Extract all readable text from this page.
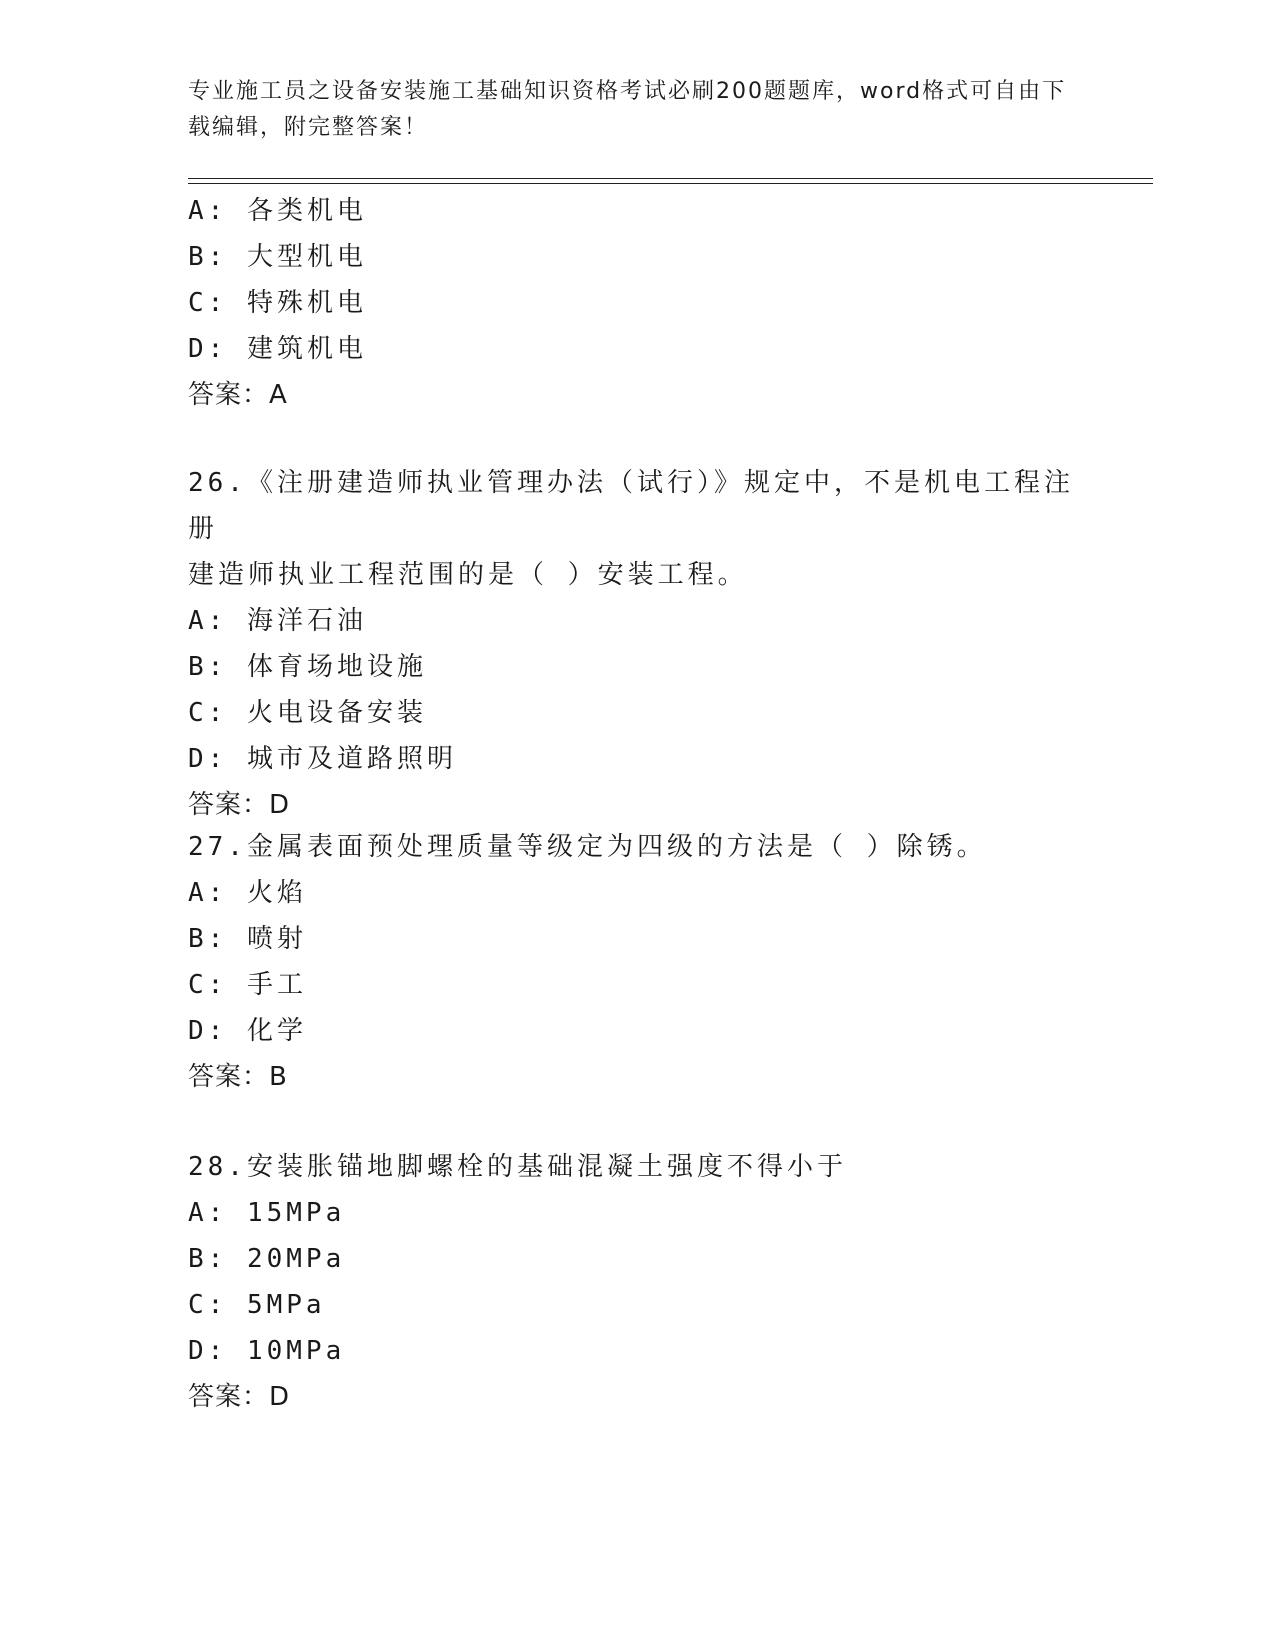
专业施工员之设备安装施工基础知识资格考试必刷200题题库，word格式可自由下载编辑，附完整答案！
A: 各类机电
B: 大型机电
C: 特殊机电
D: 建筑机电
答案：A
26.《注册建造师执业管理办法（试行）》规定中，不是机电工程注册
建造师执业工程范围的是（ ）安装工程。
A: 海洋石油
B: 体育场地设施
C: 火电设备安装
D: 城市及道路照明
答案：D
27.金属表面预处理质量等级定为四级的方法是（ ）除锈。
A: 火焰
B: 喷射
C: 手工
D: 化学
答案：B
28.安装胀锚地脚螺栓的基础混凝土强度不得小于
A: 15MPa
B: 20MPa
C: 5MPa
D: 10MPa
答案：D
